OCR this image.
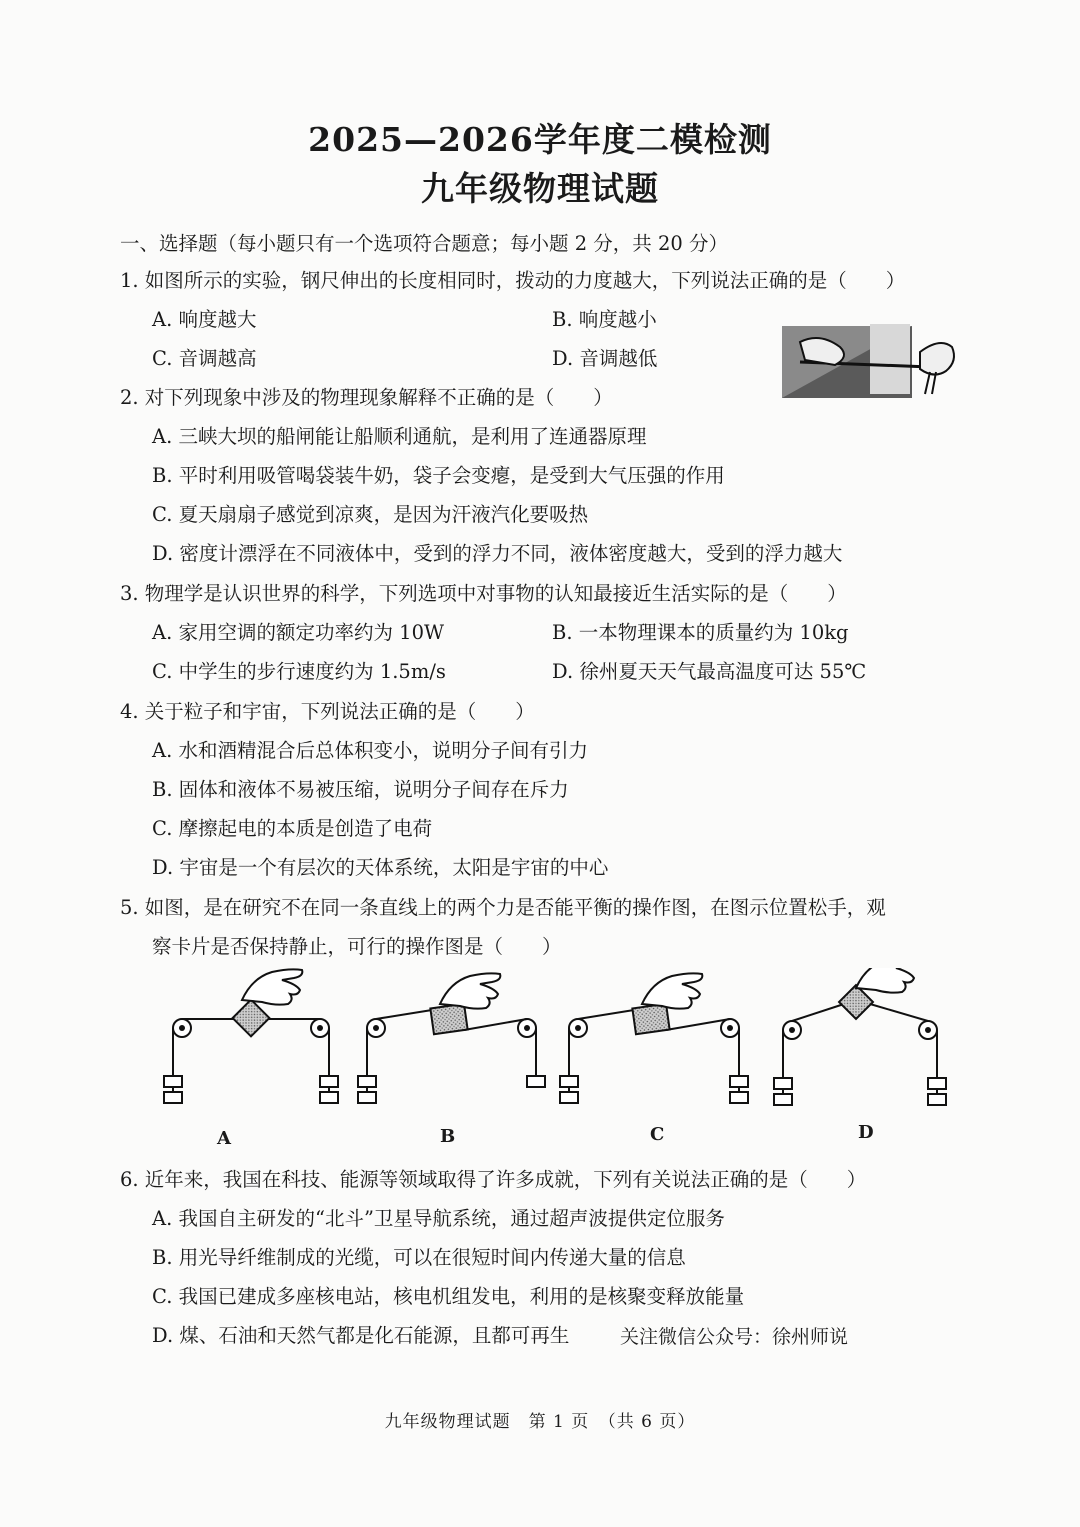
2025—2026学年度二模检测
九年级物理试题
一、选择题（每小题只有一个选项符合题意；每小题 2 分，共 20 分）
1. 如图所示的实验，钢尺伸出的长度相同时，拨动的力度越大，下列说法正确的是（　　）
A. 响度越大	B. 响度越小
C. 音调越高	D. 音调越低
2. 对下列现象中涉及的物理现象解释不正确的是（　　）
A. 三峡大坝的船闸能让船顺利通航，是利用了连通器原理
B. 平时利用吸管喝袋装牛奶，袋子会变瘪，是受到大气压强的作用
C. 夏天扇扇子感觉到凉爽，是因为汗液汽化要吸热
D. 密度计漂浮在不同液体中，受到的浮力不同，液体密度越大，受到的浮力越大
3. 物理学是认识世界的科学，下列选项中对事物的认知最接近生活实际的是（　　）
A. 家用空调的额定功率约为 10W	B. 一本物理课本的质量约为 10kg
C. 中学生的步行速度约为 1.5m/s	D. 徐州夏天天气最高温度可达 55℃
4. 关于粒子和宇宙，下列说法正确的是（　　）
A. 水和酒精混合后总体积变小，说明分子间有引力
B. 固体和液体不易被压缩，说明分子间存在斥力
C. 摩擦起电的本质是创造了电荷
D. 宇宙是一个有层次的天体系统，太阳是宇宙的中心
5. 如图，是在研究不在同一条直线上的两个力是否能平衡的操作图，在图示位置松手，观
察卡片是否保持静止，可行的操作图是（　　）
A	B	C	D
6. 近年来，我国在科技、能源等领域取得了许多成就，下列有关说法正确的是（　　）
A. 我国自主研发的“北斗”卫星导航系统，通过超声波提供定位服务
B. 用光导纤维制成的光缆，可以在很短时间内传递大量的信息
C. 我国已建成多座核电站，核电机组发电，利用的是核聚变释放能量
D. 煤、石油和天然气都是化石能源，且都可再生	关注微信公众号：徐州师说
九年级物理试题　第 1 页　（共 6 页）
